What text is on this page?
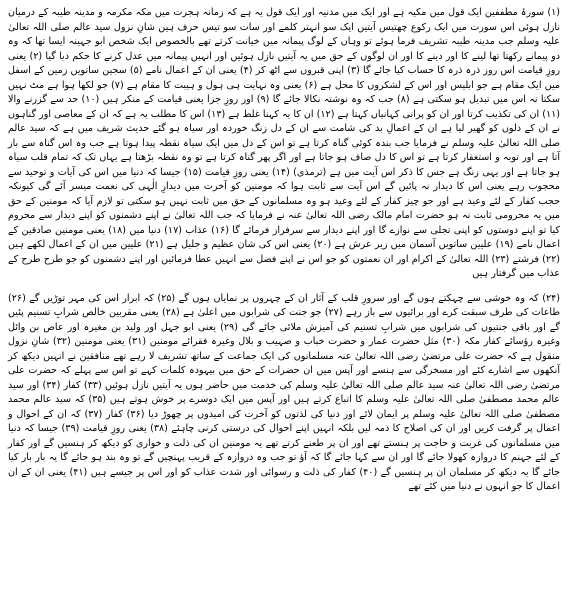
(۱) سورۂ مطففین ایک قول میں مکیہ ہے اور ایک میں مدنیہ اور ایک قول یہ ہے کہ زمانہ ہجرت میں مکہ مکرمہ و مدینہ طیبہ کے درمیان نازل ہوئی اس سورت میں ایک رکوع چھتیس آیتیں ایک سو انہتر کلمے اور سات سو تیس حرف ہیں شانِ نزول سید عالم صلی اللہ تعالیٰ علیہ وسلم جب مدینہ طیبہ تشریف فرما ہوئے تو وہاں کے لوگ پیمانہ میں خیانت کرتے تھے بالخصوص ایک شخص ابو جہینہ ایسا تھا کہ وہ دو پیمانے رکھتا تھا لینے کا اور دینے کا اور ان لوگوں کے حق میں یہ آیتیں نازل ہوئیں اور انہیں پیمانہ میں عدل کرنے کا حکم دیا گیا (۲) یعنی روزِ قیامت اس روز ذرہ ذرہ کا حساب کیا جائے گا (۳) اپنی قبروں سے اٹھ کر (۴) یعنی ان کے اعمال نامے (۵) سجین ساتویں زمین کے اسفل میں ایک مقام ہے جو ابلیس اور اس کے لشکروں کا محل ہے (۶) یعنی وہ نہایت ہی ہول و ہیبت کا مقام ہے (۷) جو لکھا ہوا ہے مٹ نہیں سکتا نہ اس میں تبدیل ہو سکتی ہے (۸) جب کہ وہ نوشتہ نکالا جائے گا (۹) اور روزِ جزا یعنی قیامت کے منکر ہیں (۱۰) حد سے گزرنے والا (۱۱) ان کی تکذیب کرتا اور ان کو پرانی کہانیاں کہتا ہے (۱۲) ان کا یہ کہنا غلط ہے (۱۳) اس کا مطلب یہ ہے کہ ان کے معاصی اور گناہوں نے ان کے دلوں کو گھیر لیا ہے ان کے اعمالِ بد کی شامت سے ان کے دل زنگ خوردہ اور سیاہ ہو گئے حدیث شریف میں ہے کہ سید عالم صلی اللہ تعالیٰ علیہ وسلم نے فرمایا جب بندہ کوئی گناہ کرتا ہے تو اس کے دل میں ایک سیاہ نقطہ پیدا ہوتا ہے جب وہ اس گناہ سے باز آتا ہے اور توبہ و استغفار کرتا ہے تو اس کا دل صاف ہو جاتا ہے اور اگر پھر گناہ کرتا ہے تو وہ نقطہ بڑھتا ہے یہاں تک کہ تمام قلب سیاہ ہو جاتا ہے اور یہی زنگ ہے جس کا ذکر اس آیت میں ہے (ترمذی) (۱۴) یعنی روزِ قیامت (۱۵) جیسا کہ دنیا میں اس کی آیات و توحید سے محجوب رہے یعنی اس کا دیدار نہ پائیں گے اس آیت سے ثابت ہوا کہ مومنین کو آخرت میں دیدارِ الٰہی کی نعمت میسر آئے گی کیونکہ حجب کفار کے لئے وعید ہے اور جو چیز کفار کے لئے وعید ہو وہ مسلمانوں کے حق میں ثابت نہیں ہو سکتی تو لازم آیا کہ مومنین کے حق میں یہ محرومی ثابت نہ ہو حضرت امام مالک رضی اللہ تعالیٰ عنہ نے فرمایا کہ جب اللہ تعالیٰ نے اپنے دشمنوں کو اپنے دیدار سے محروم کیا تو اپنے دوستوں کو اپنی تجلی سے نوازے گا اور اپنے دیدار سے سرفراز فرمائے گا (۱۶) عذاب (۱۷) دنیا میں (۱۸) یعنی مومنین صادقین کے اعمال نامے (۱۹) علیین ساتویں آسمان میں زیر عرش ہے (۲۰) یعنی اس کی شان عظیم و جلیل ہے (۲۱) علیین میں ان کے اعمال لکھے ہیں (۲۲) فرشتے (۲۳) اللہ تعالیٰ کے اکرام اور ان نعمتوں کو جو اس نے اپنے فضل سے انہیں عطا فرمائیں اور اپنے دشمنوں کو جو طرح طرح کے عذاب میں گرفتار ہیں

(۲۴) کہ وہ خوشی سے چہکتے ہوں گے اور سرورِ قلب کے آثار ان کے چہروں پر نمایاں ہوں گے (۲۵) کہ ابرار اس کی مہر توڑیں گے (۲۶) طاعات کی طرف سبقت کرے اور برائیوں سے باز رہے (۲۷) جو جنت کی شرابوں میں اعلیٰ ہے (۲۸) یعنی مقربین خالص شرابِ تسنیم پئیں گے اور باقی جنتیوں کی شرابوں میں شرابِ تسنیم کی آمیزش ملائی جائے گی (۲۹) یعنی ابو جہل اور ولید بن مغیرہ اور عاص بن وائل وغیرہ رؤسائے کفار مکہ (۳۰) مثل حضرت عمار و حضرت خباب و صہیب و بلال وغیرہ فقرائے مومنین (۳۱) یعنی مومنین (۳۲) شانِ نزول منقول ہے کہ حضرت علی مرتضیٰ رضی اللہ تعالیٰ عنہ مسلمانوں کی ایک جماعت کے ساتھ تشریف لا رہے تھے منافقین نے انہیں دیکھ کر آنکھوں سے اشارے کئے اور مسخرگی سے ہنسے اور آپس میں ان حضرات کے حق میں بیہودہ کلمات کہے تو اس سے پہلے کہ حضرت علی مرتضیٰ رضی اللہ تعالیٰ عنہ سید عالم صلی اللہ تعالیٰ علیہ وسلم کی خدمت میں حاضر ہوں یہ آیتیں نازل ہوئیں (۳۳) کفار (۳۴) اور سید عالم محمد مصطفیٰ صلی اللہ تعالیٰ علیہ وسلم کا اتباع کرتے ہیں اور آپس میں ایک دوسرے پر خوش ہوتے ہیں (۳۵) کہ سید عالم محمد مصطفیٰ صلی اللہ تعالیٰ علیہ وسلم پر ایمان لائے اور دنیا کی لذتوں کو آخرت کی امیدوں پر چھوڑ دیا (۳۶) کفار (۳۷) کہ ان کے احوال و اعمال پر گرفت کریں اور ان کی اصلاح کا ذمہ لیں بلکہ انہیں اپنے احوال کی درستی کرنی چاہئے (۳۸) یعنی روزِ قیامت (۳۹) جیسا کہ دنیا میں مسلمانوں کی غربت و حاجت پر ہنستے تھے اور ان پر طعنے کرتے تھے یہ مومنین ان کی ذلت و خواری کو دیکھ کر ہنسیں گے اور کفار کے لئے جہنم کا دروازہ کھولا جائے گا اور ان سے کہا جائے گا کہ آؤ تو جب وہ دروازہ کے قریب پہنچیں گے تو وہ بند ہو جائے گا یہ بار بار کیا جائے گا یہ دیکھ کر مسلمان ان پر ہنسیں گے (۴۰) کفار کی ذلت و رسوائی اور شدت عذاب کو اور اس پر جیسے ہیں (۴۱) یعنی ان کے ان اعمال کا جو انہوں نے دنیا میں کئے تھے
